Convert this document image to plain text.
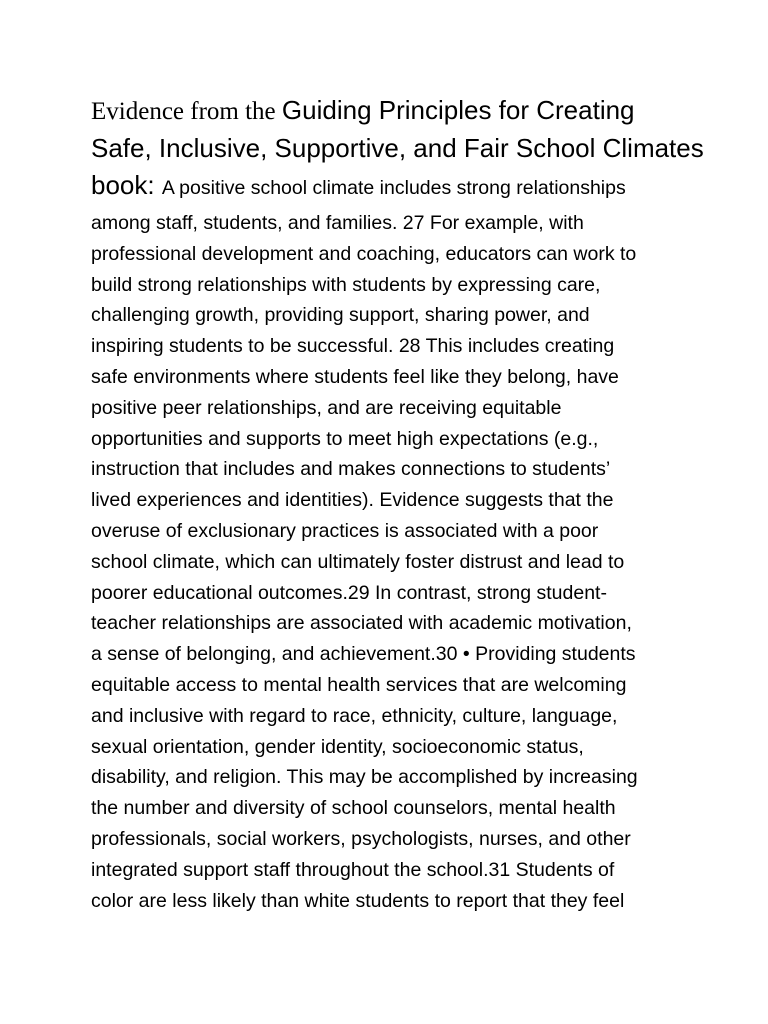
Evidence from the Guiding Principles for Creating

Safe, Inclusive, Supportive, and Fair School Climates

book: A positive school climate includes strong relationships

among staff, students, and families. 27 For example, with

professional development and coaching, educators can work to

build strong relationships with students by expressing care,

challenging growth, providing support, sharing power, and

inspiring students to be successful. 28 This includes creating

safe environments where students feel like they belong, have

positive peer relationships, and are receiving equitable

opportunities and supports to meet high expectations (e.g.,

instruction that includes and makes connections to students’

lived experiences and identities). Evidence suggests that the

overuse of exclusionary practices is associated with a poor

school climate, which can ultimately foster distrust and lead to

poorer educational outcomes.29 In contrast, strong student-

teacher relationships are associated with academic motivation,

a sense of belonging, and achievement.30 • Providing students

equitable access to mental health services that are welcoming

and inclusive with regard to race, ethnicity, culture, language,

sexual orientation, gender identity, socioeconomic status,

disability, and religion. This may be accomplished by increasing

the number and diversity of school counselors, mental health

professionals, social workers, psychologists, nurses, and other

integrated support staff throughout the school.31 Students of

color are less likely than white students to report that they feel
